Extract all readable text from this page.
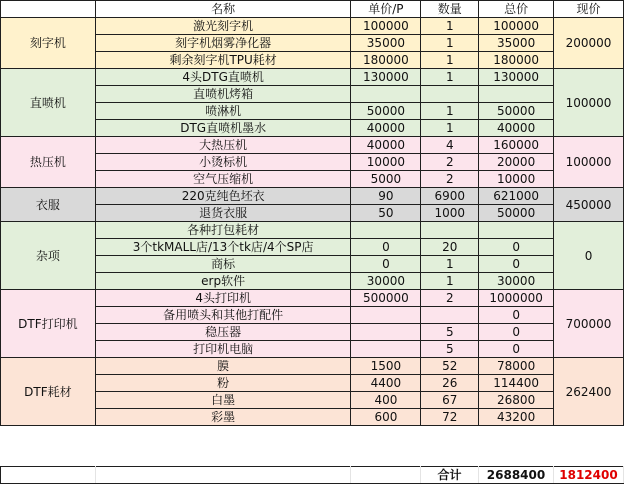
	名称	单价/P	数量	总价	现价
刻字机	激光刻字机	100000	1	100000	200000
	刻字机烟雾净化器	35000	1	35000	
	剩余刻字机TPU耗材	180000	1	180000	
直喷机	4头DTG直喷机	130000	1	130000	100000
	直喷机烤箱				
	喷淋机	50000	1	50000	
	DTG直喷机墨水	40000	1	40000	
热压机	大热压机	40000	4	160000	100000
	小烫标机	10000	2	20000	
	空气压缩机	5000	2	10000	
衣服	220克纯色坯衣	90	6900	621000	450000
	退货衣服	50	1000	50000	
杂项	各种打包耗材				0
	3个tkMALL店/13个tk店/4个SP店	0	20	0	
	商标	0	1	0	
	erp软件	30000	1	30000	
DTF打印机	4头打印机	500000	2	1000000	700000
	备用喷头和其他打配件			0	
	稳压器		5	0	
	打印机电脑		5	0	
DTF耗材	膜	1500	52	78000	262400
	粉	4400	26	114400	
	白墨	400	67	26800	
	彩墨	600	72	43200	
			合计	2688400	1812400
